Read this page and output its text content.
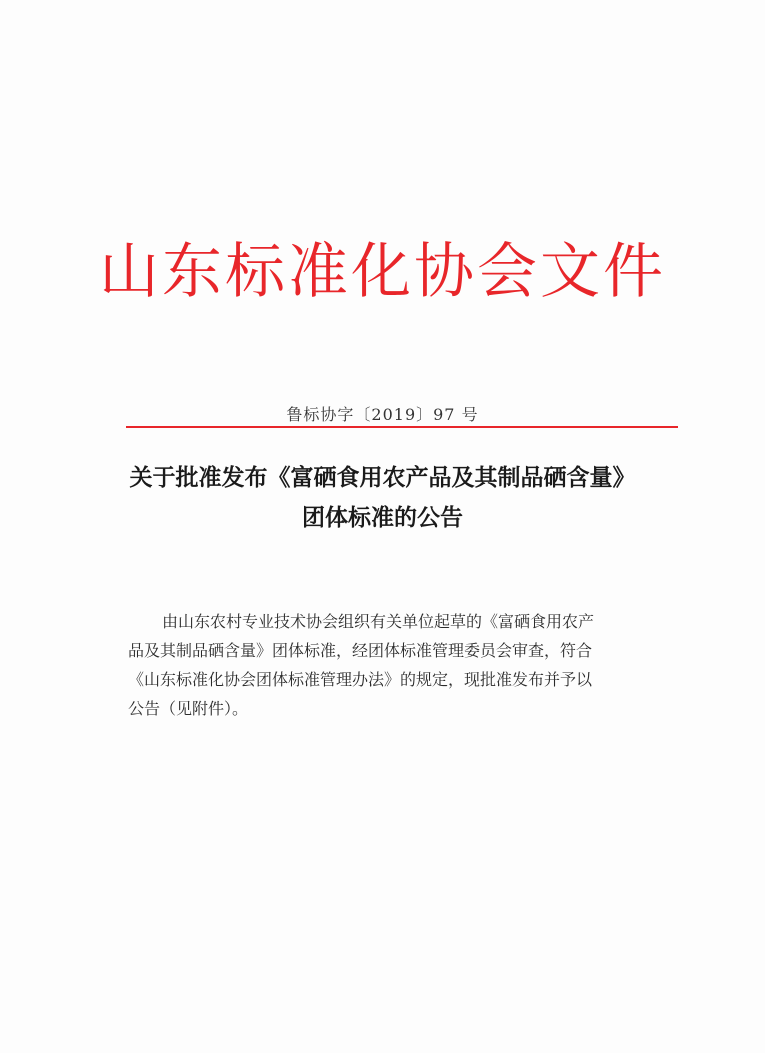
山东标准化协会文件
鲁标协字〔2019〕97 号
关于批准发布《富硒食用农产品及其制品硒含量》
团体标准的公告

由山东农村专业技术协会组织有关单位起草的《富硒食用农产

品及其制品硒含量》团体标准，经团体标准管理委员会审查，符合

《山东标准化协会团体标准管理办法》的规定，现批准发布并予以

公告（见附件）。
